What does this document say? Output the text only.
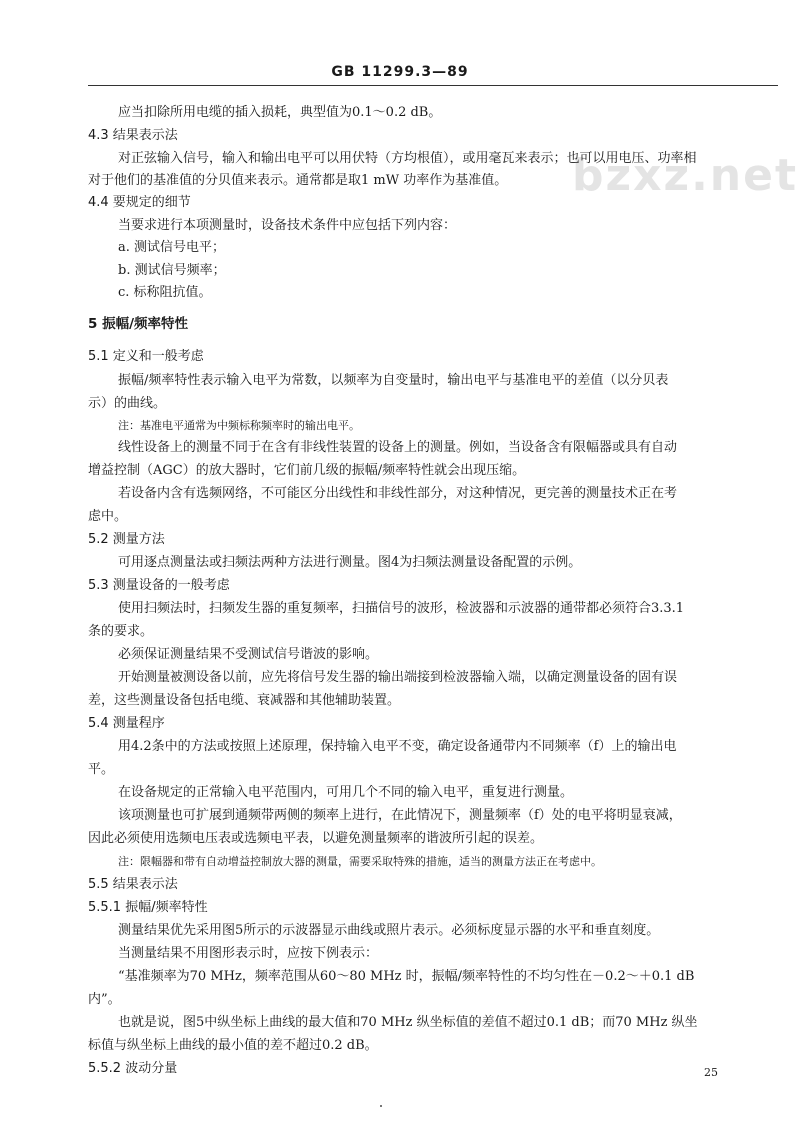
bzxz.net
GB 11299.3—89
应当扣除所用电缆的插入损耗，典型值为0.1～0.2 dB。
4.3 结果表示法
对正弦输入信号，输入和输出电平可以用伏特（方均根值），或用毫瓦来表示；也可以用电压、功率相
对于他们的基准值的分贝值来表示。通常都是取1 mW 功率作为基准值。
4.4 要规定的细节
当要求进行本项测量时，设备技术条件中应包括下列内容：
a. 测试信号电平；
b. 测试信号频率；
c. 标称阻抗值。
5 振幅/频率特性
5.1 定义和一般考虑
振幅/频率特性表示输入电平为常数，以频率为自变量时，输出电平与基准电平的差值（以分贝表
示）的曲线。
注：基准电平通常为中频标称频率时的输出电平。
线性设备上的测量不同于在含有非线性装置的设备上的测量。例如，当设备含有限幅器或具有自动
增益控制（AGC）的放大器时，它们前几级的振幅/频率特性就会出现压缩。
若设备内含有选频网络，不可能区分出线性和非线性部分，对这种情况，更完善的测量技术正在考
虑中。
5.2 测量方法
可用逐点测量法或扫频法两种方法进行测量。图4为扫频法测量设备配置的示例。
5.3 测量设备的一般考虑
使用扫频法时，扫频发生器的重复频率，扫描信号的波形，检波器和示波器的通带都必须符合3.3.1
条的要求。
必须保证测量结果不受测试信号谐波的影响。
开始测量被测设备以前，应先将信号发生器的输出端接到检波器输入端，以确定测量设备的固有误
差，这些测量设备包括电缆、衰减器和其他辅助装置。
5.4 测量程序
用4.2条中的方法或按照上述原理，保持输入电平不变，确定设备通带内不同频率（f）上的输出电
平。
在设备规定的正常输入电平范围内，可用几个不同的输入电平，重复进行测量。
该项测量也可扩展到通频带两侧的频率上进行，在此情况下，测量频率（f）处的电平将明显衰减，
因此必须使用选频电压表或选频电平表，以避免测量频率的谐波所引起的误差。
注：限幅器和带有自动增益控制放大器的测量，需要采取特殊的措施，适当的测量方法正在考虑中。
5.5 结果表示法
5.5.1 振幅/频率特性
测量结果优先采用图5所示的示波器显示曲线或照片表示。必须标度显示器的水平和垂直刻度。
当测量结果不用图形表示时，应按下例表示：
“基准频率为70 MHz，频率范围从60～80 MHz 时，振幅/频率特性的不均匀性在－0.2～＋0.1 dB
内”。
也就是说，图5中纵坐标上曲线的最大值和70 MHz 纵坐标值的差值不超过0.1 dB；而70 MHz 纵坐
标值与纵坐标上曲线的最小值的差不超过0.2 dB。
5.5.2 波动分量	25
